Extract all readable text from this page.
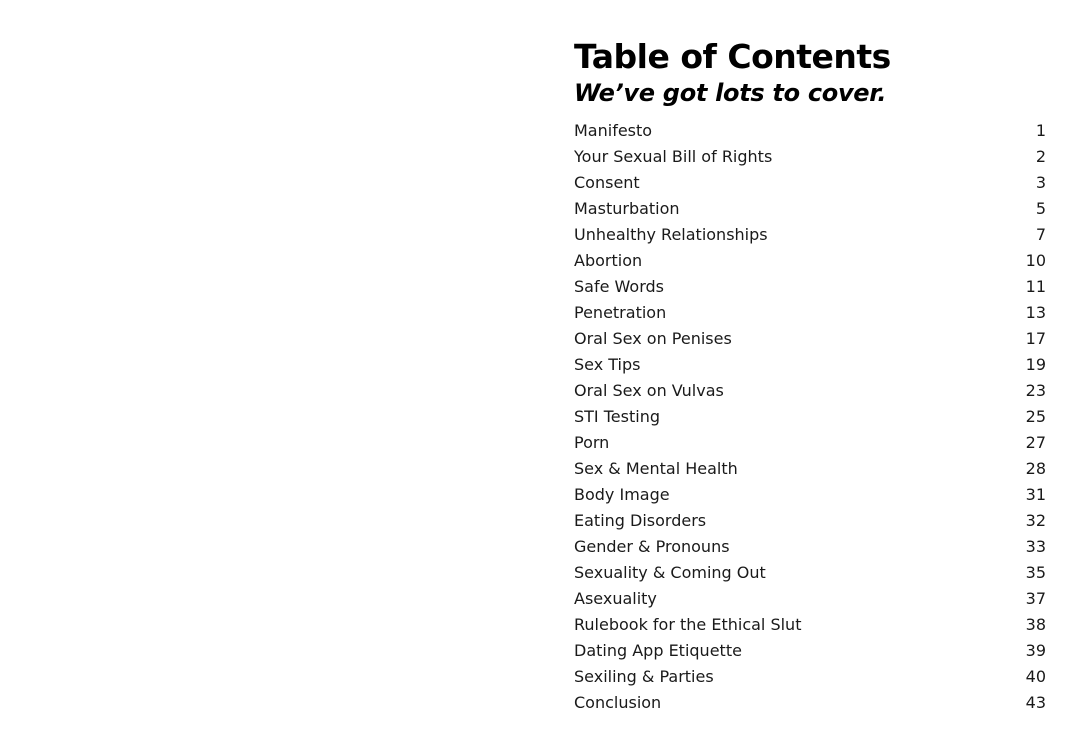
Table of Contents
We’ve got lots to cover.
Manifesto	1
Your Sexual Bill of Rights	2
Consent	3
Masturbation	5
Unhealthy Relationships	7
Abortion	10
Safe Words	11
Penetration	13
Oral Sex on Penises	17
Sex Tips	19
Oral Sex on Vulvas	23
STI Testing	25
Porn	27
Sex & Mental Health	28
Body Image	31
Eating Disorders	32
Gender & Pronouns	33
Sexuality & Coming Out	35
Asexuality	37
Rulebook for the Ethical Slut	38
Dating App Etiquette	39
Sexiling & Parties	40
Conclusion	43
